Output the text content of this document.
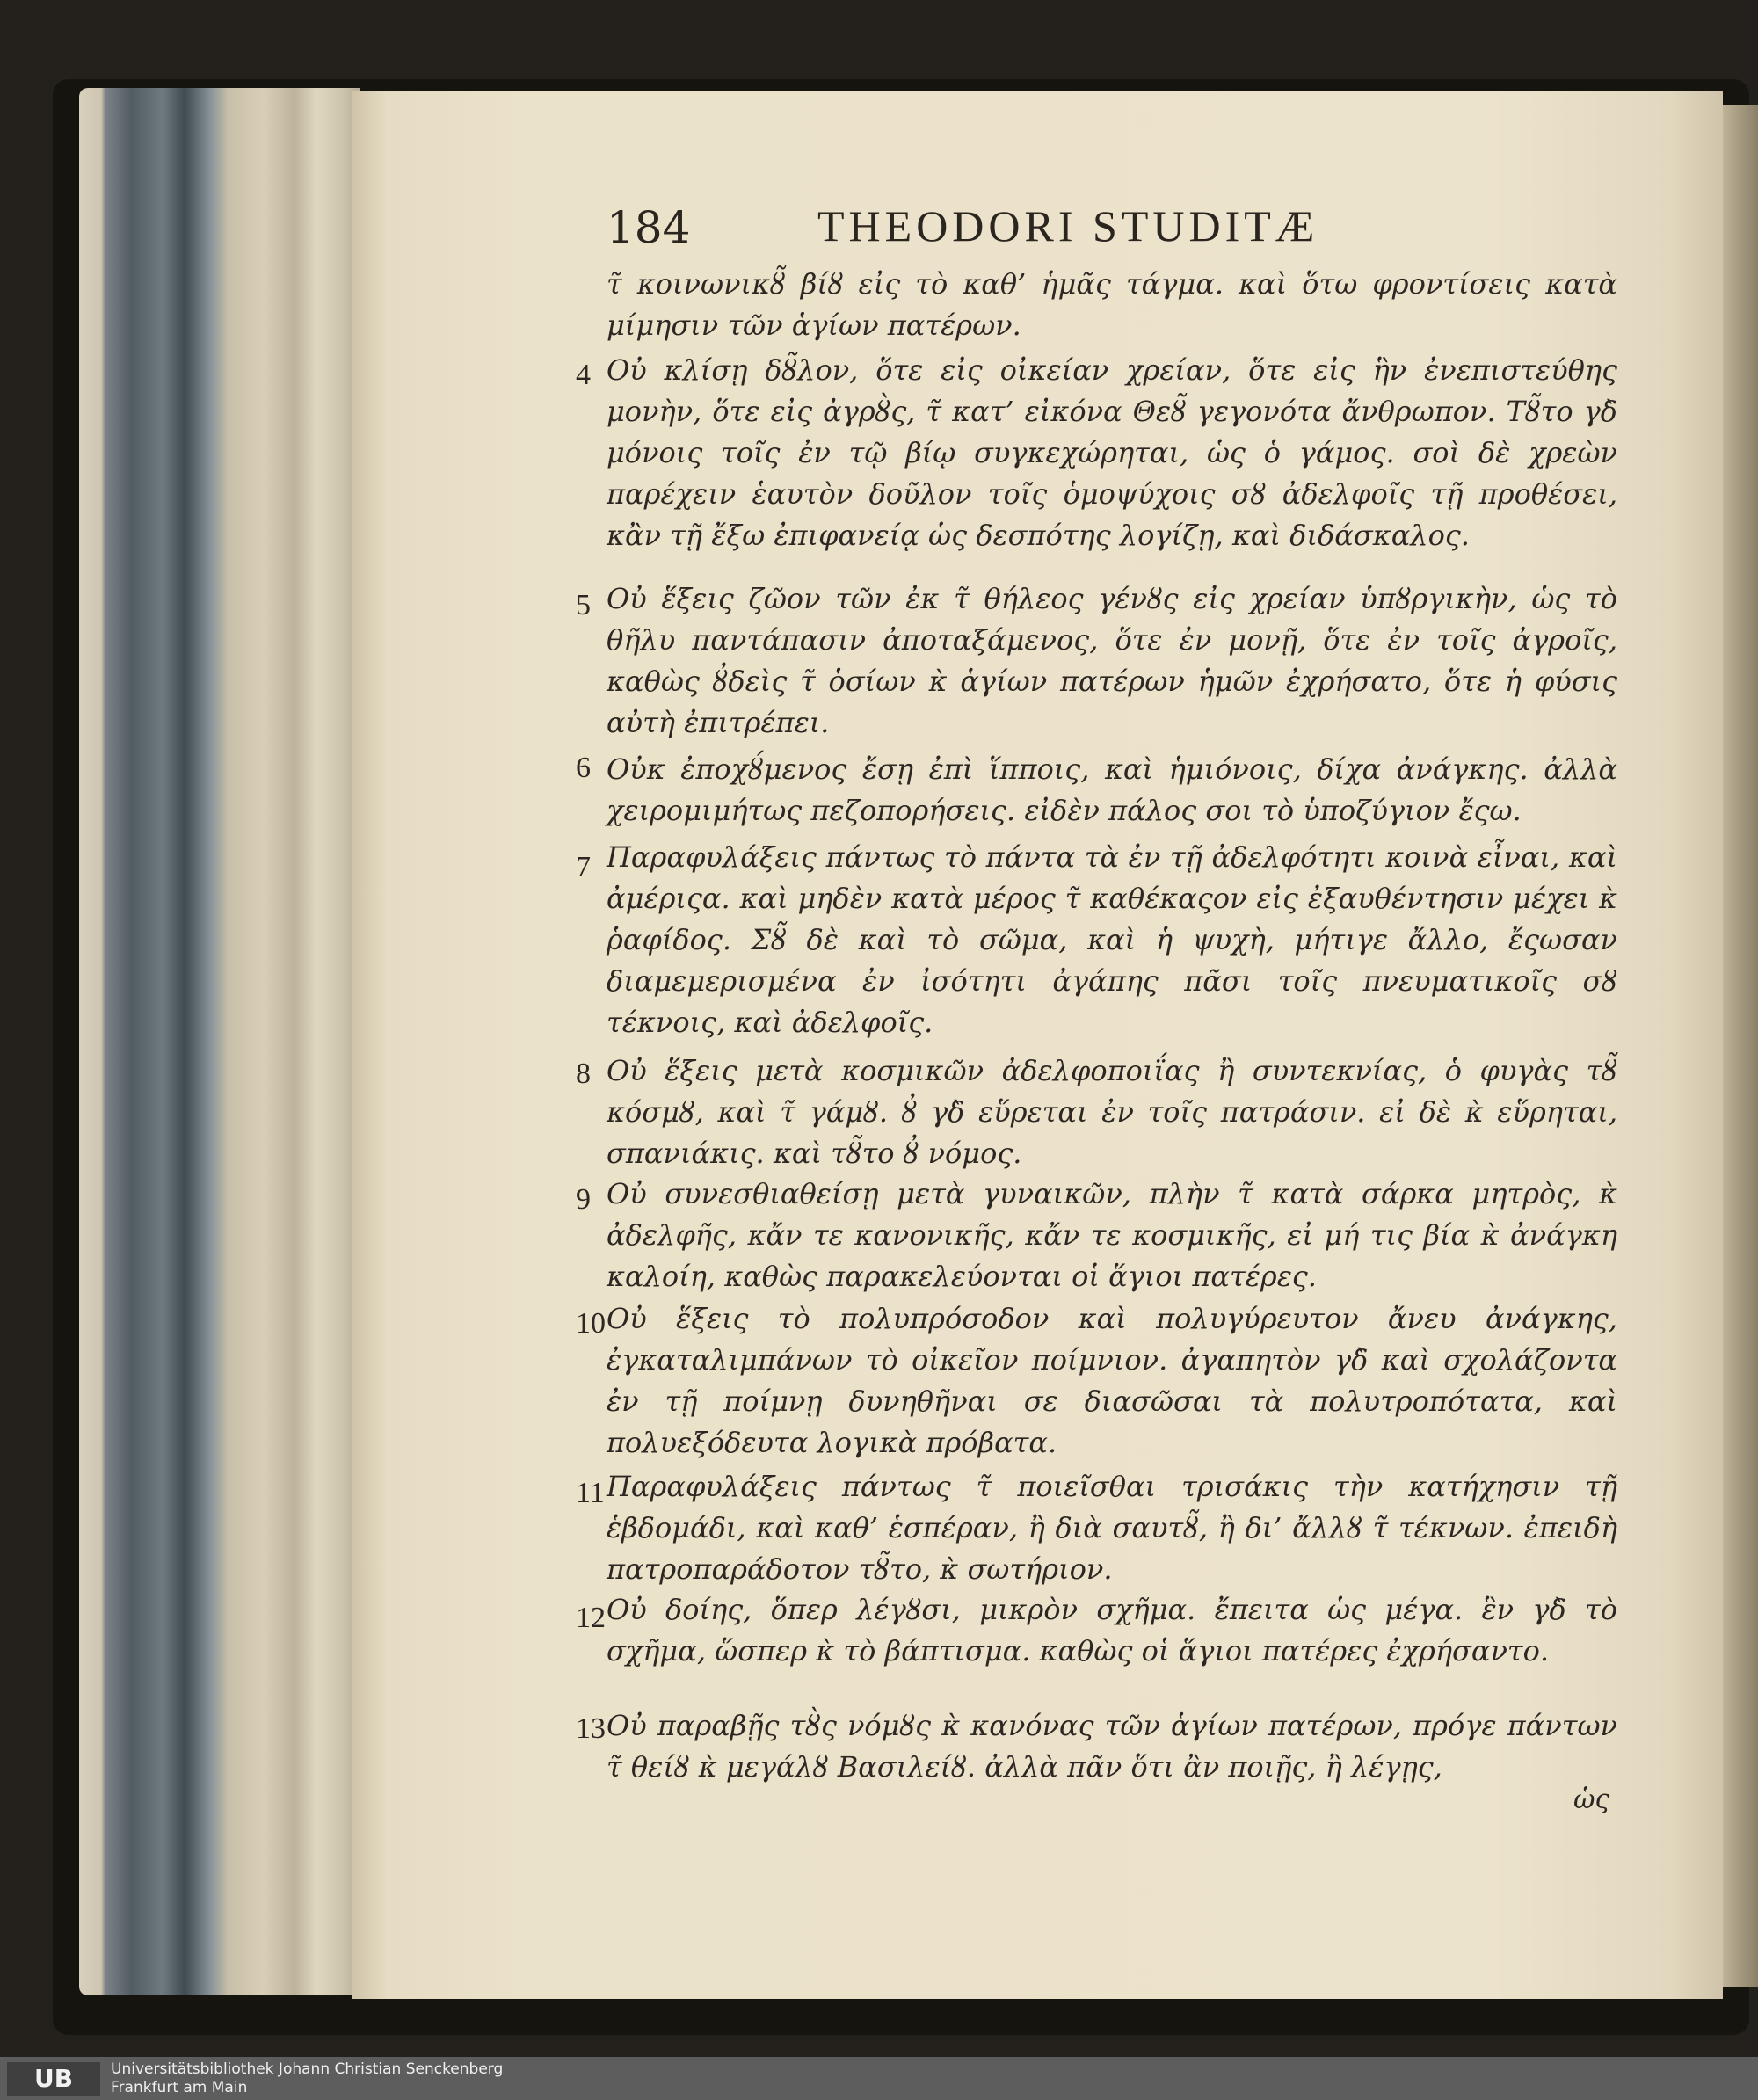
184	THEODORI STUDITÆ
τ̃ κοινωνικȣ̃ βίȣ εἰς τὸ καθ’ ἡμᾶς τάγμα. καὶ ὅτω φροντίσεις κατὰ μίμησιν τῶν ἁγίων πατέρων.
4 Οὐ κλίσῃ δȣ̃λον, ὅτε εἰς οἰκείαν χρείαν, ὅτε εἰς ἣν ἐνεπιστεύθης μονὴν, ὅτε εἰς ἀγρȣ̀ς, τ̃ κατ’ εἰκόνα Θεȣ̃ γεγονότα ἄνθρωπον. Τȣ̃το γδ̀ μόνοις τοῖς ἐν τῷ βίῳ συγκεχώρηται, ὡς ὁ γάμος. σοὶ δὲ χρεὼν παρέχειν ἑαυτὸν δοῦλον τοῖς ὁμοψύχοις σȣ ἀδελφοῖς τῇ προθέσει, κἂν τῇ ἔξω ἐπιφανείᾳ ὡς δεσπότης λογίζῃ, καὶ διδάσκαλος.
5 Οὐ ἕξεις ζῶον τῶν ἐκ τ̃ θήλεος γένȣς εἰς χρείαν ὑπȣργικὴν, ὡς τὸ θῆλυ παντάπασιν ἀποταξάμενος, ὅτε ἐν μονῇ, ὅτε ἐν τοῖς ἀγροῖς, καθὼς ȣ̓δεὶς τ̃ ὁσίων κ̀ ἁγίων πατέρων ἡμῶν ἐχρήσατο, ὅτε ἡ φύσις αὐτὴ ἐπιτρέπει.
6 Οὐκ ἐποχȣ́μενος ἔσῃ ἐπὶ ἵπποις, καὶ ἡμιόνοις, δίχα ἀνάγκης. ἀλλὰ χειρομιμήτως πεζοπορήσεις. εἰδὲν πάλος σοι τὸ ὑποζύγιον ἔςω.
7 Παραφυλάξεις πάντως τὸ πάντα τὰ ἐν τῇ ἀδελφότητι κοινὰ εἶναι, καὶ ἀμέριςα. καὶ μηδὲν κατὰ μέρος τ̃ καθέκαςον εἰς ἐξαυθέντησιν μέχει κ̀ ῥαφίδος. Σȣ̃ δὲ καὶ τὸ σῶμα, καὶ ἡ ψυχὴ, μήτιγε ἄλλο, ἔςωσαν διαμεμερισμένα ἐν ἰσότητι ἀγάπης πᾶσι τοῖς πνευματικοῖς σȣ τέκνοις, καὶ ἀδελφοῖς.
8 Οὐ ἕξεις μετὰ κοσμικῶν ἀδελφοποιΐας ἢ συντεκνίας, ὁ φυγὰς τȣ̃ κόσμȣ, καὶ τ̃ γάμȣ. ȣ̓ γδ̀ εὕρεται ἐν τοῖς πατράσιν. εἰ δὲ κ̀ εὕρηται, σπανιάκις. καὶ τȣ̃το ȣ̓ νόμος.
9 Οὐ συνεσθιαθείσῃ μετὰ γυναικῶν, πλὴν τ̃ κατὰ σάρκα μητρὸς, κ̀ ἀδελφῆς, κἄν τε κανονικῆς, κἄν τε κοσμικῆς, εἰ μή τις βία κ̀ ἀνάγκη καλοίη, καθὼς παρακελεύονται οἱ ἅγιοι πατέρες.
10 Οὐ ἕξεις τὸ πολυπρόσοδον καὶ πολυγύρευτον ἄνευ ἀνάγκης, ἐγκαταλιμπάνων τὸ οἰκεῖον ποίμνιον. ἀγαπητὸν γδ̀ καὶ σχολάζοντα ἐν τῇ ποίμνῃ δυνηθῆναι σε διασῶσαι τὰ πολυτροπότατα, καὶ πολυεξόδευτα λογικὰ πρόβατα.
11 Παραφυλάξεις πάντως τ̃ ποιεῖσθαι τρισάκις τὴν κατήχησιν τῇ ἑβδομάδι, καὶ καθ’ ἑσπέραν, ἢ διὰ σαυτȣ̃, ἢ δι’ ἄλλȣ τ̃ τέκνων. ἐπειδὴ πατροπαράδοτον τȣ̃το, κ̀ σωτήριον.
12 Οὐ δοίης, ὅπερ λέγȣσι, μικρὸν σχῆμα. ἔπειτα ὡς μέγα. ἓν γδ̀ τὸ σχῆμα, ὥσπερ κ̀ τὸ βάπτισμα. καθὼς οἱ ἅγιοι πατέρες ἐχρήσαντο.
13 Οὐ παραβῇς τȣ̀ς νόμȣς κ̀ κανόνας τῶν ἁγίων πατέρων, πρόγε πάντων τ̃ θείȣ κ̀ μεγάλȣ Βασιλείȣ. ἀλλὰ πᾶν ὅτι ἂν ποιῇς, ἢ λέγῃς,
ὡς
UB	Universitätsbibliothek Johann Christian Senckenberg
Frankfurt am Main
